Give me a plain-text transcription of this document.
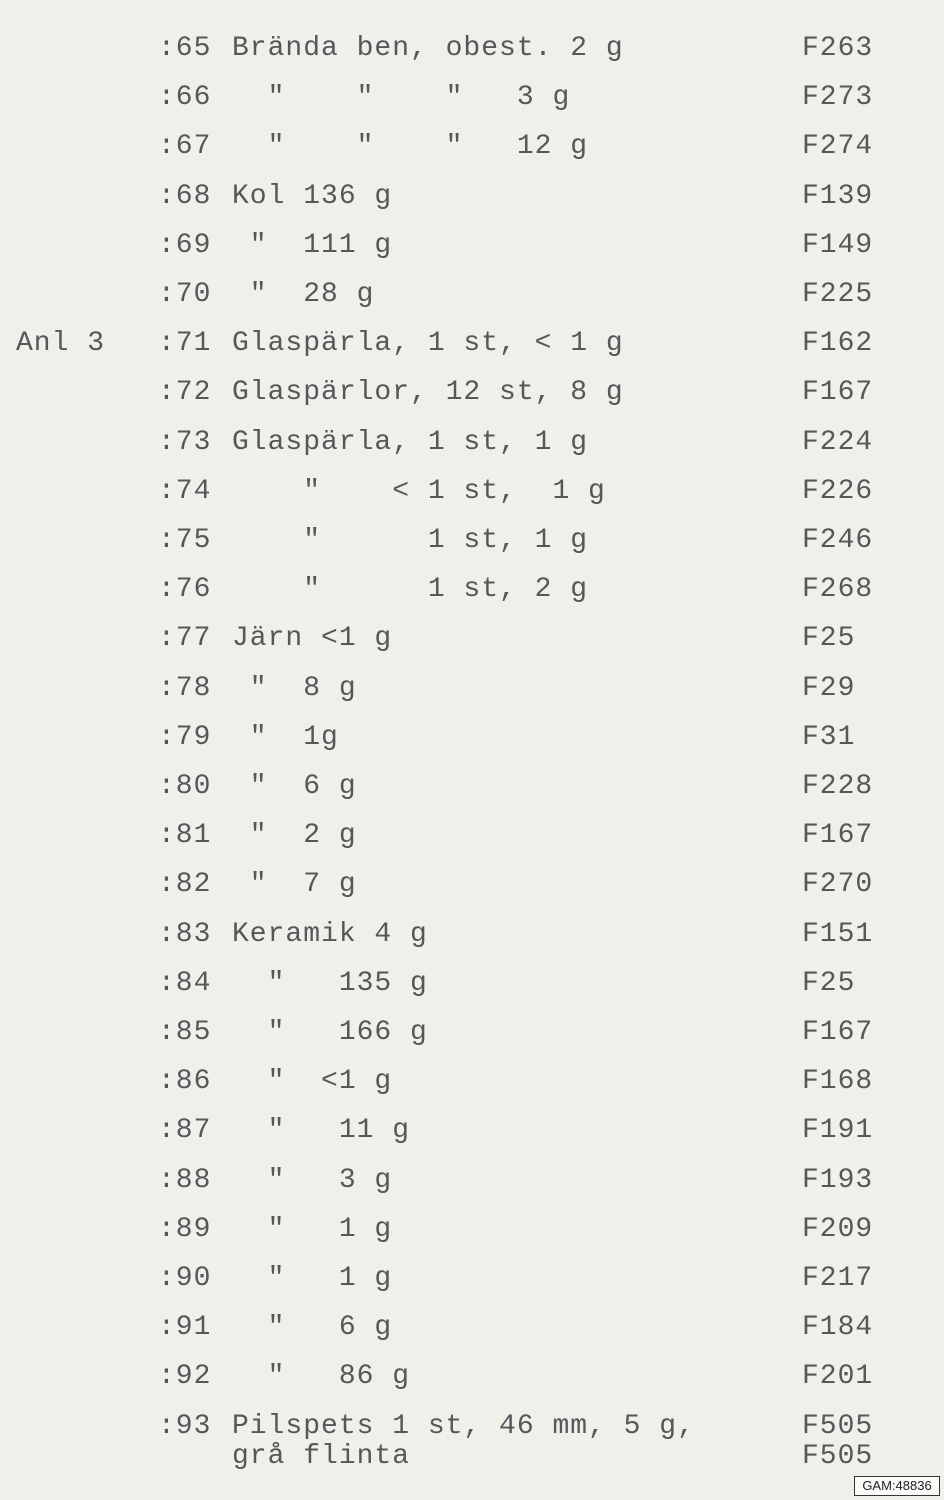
:65 Brända ben, obest. 2 g	F263
:66 "    "    "   3 g	F273
:67 "    "    "   12 g	F274
:68 Kol 136 g	F139
:69 "  111 g	F149
:70 "  28 g	F225
Anl 3 :71 Glaspärla, 1 st, < 1 g	F162
:72 Glaspärlor, 12 st, 8 g	F167
:73 Glaspärla, 1 st, 1 g	F224
:74 "    < 1 st,  1 g	F226
:75 "      1 st, 1 g	F246
:76 "      1 st, 2 g	F268
:77 Järn <1 g	F25
:78 "  8 g	F29
:79 "  1g	F31
:80 "  6 g	F228
:81 "  2 g	F167
:82 "  7 g	F270
:83 Keramik 4 g	F151
:84 "   135 g	F25
:85 "   166 g	F167
:86 "  <1 g	F168
:87 "   11 g	F191
:88 "   3 g	F193
:89 "   1 g	F209
:90 "   1 g	F217
:91 "   6 g	F184
:92 "   86 g	F201
:93 Pilspets 1 st, 46 mm, 5 g,	F505
grå flinta	F505
GAM:48836
